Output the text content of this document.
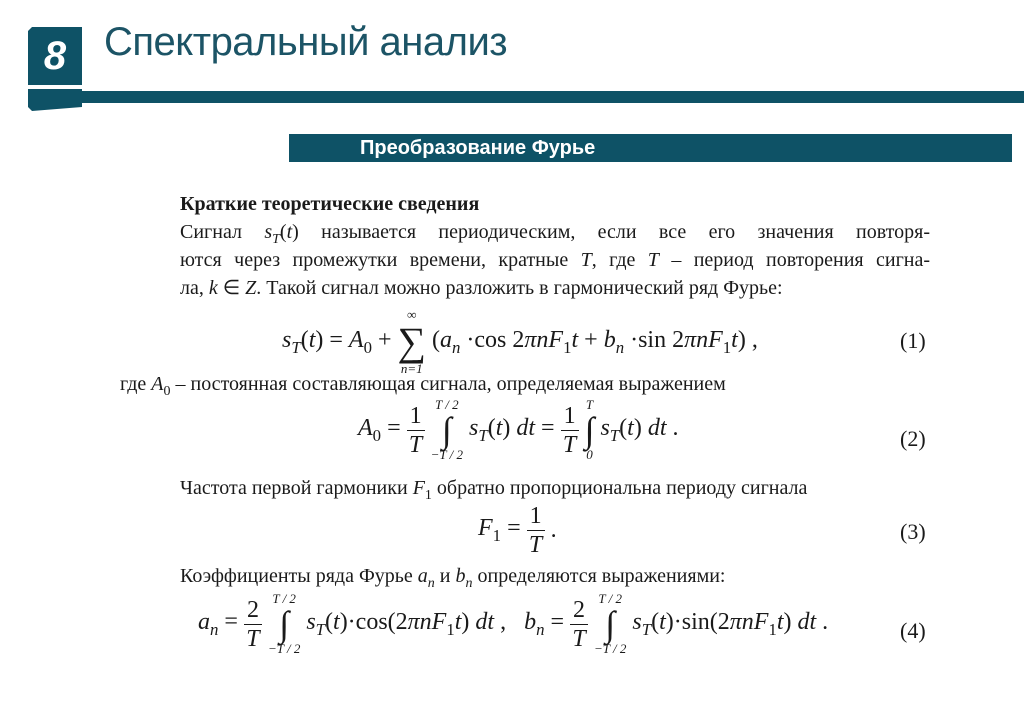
8 Спектральный анализ
Преобразование Фурье
Краткие теоретические сведения
Сигнал $s_T(t)$ называется периодическим, если все его значения повторя-
ются через промежутки времени, кратные T, где T – период повторения сигна-
ла, k ∈ Z. Такой сигнал можно разложить в гармонический ряд Фурье:
$s_T(t) = A_0$ +
∞
∑
n=1
($a_n \cdot\cos$ $2\pi nF_1t + b_n \cdot\sin$ 2πnF$_1$t) ,	(1)
где $A_0$ – постоянная составляющая сигнала, определяемая выражением
$A_0 = \frac{1}{T}$
T / 2
∫
−T / 2
$s_T(t)$ dt = $\frac{1}{T}$
T
∫
0
$s_T(t)$ dt .	(2)
Частота первой гармоники $F_1$ обратно пропорциональна периоду сигнала
$F_1 = \frac{1}{T}$ .	(3)
Коэффициенты ряда Фурье $a_n$ и $b_n$ определяются выражениями:
$a_n = \frac{2}{T}$
T / 2
∫
−T / 2
$s_T(t)\cdot\cos(2\pi nF_1t)$ dt ,   $b_n = \frac{2}{T}$
T / 2
∫
−T / 2
$s_T(t)\cdot\sin(2\pi nF_1t)$ dt .	(4)
